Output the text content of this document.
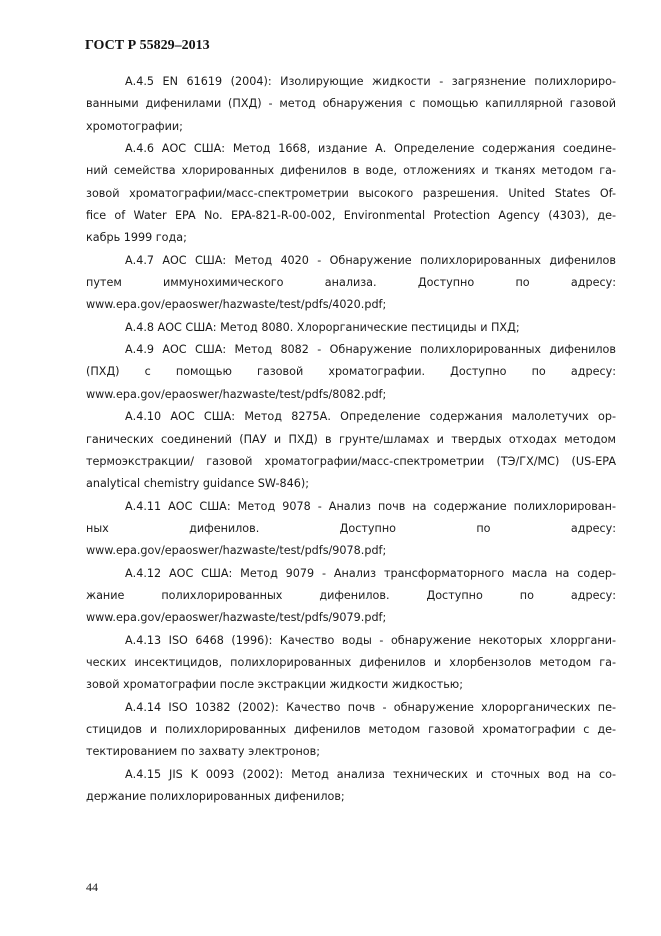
ГОСТ Р 55829–2013

А.4.5 EN 61619 (2004): Изолирующие жидкости - загрязнение полихлориро-
ванными дифенилами (ПХД) - метод обнаружения с помощью капиллярной газовой
хромотографии;

А.4.6 АОС США: Метод 1668, издание А. Определение содержания соедине-
ний семейства хлорированных дифенилов в воде, отложениях и тканях методом га-
зовой хроматографии/масс-спектрометрии высокого разрешения. United States Of-
fice of Water EPA No. EPA-821-R-00-002, Environmental Protection Agency (4303), де-
кабрь 1999 года;

А.4.7 АОС США: Метод 4020 - Обнаружение полихлорированных дифенилов
путем иммунохимического анализа. Доступно по адресу:
www.epa.gov/epaoswer/hazwaste/test/pdfs/4020.pdf;

А.4.8 АОС США: Метод 8080. Хлорорганические пестициды и ПХД;

А.4.9 АОС США: Метод 8082 - Обнаружение полихлорированных дифенилов
(ПХД) с помощью газовой хроматографии. Доступно по адресу:
www.epa.gov/epaoswer/hazwaste/test/pdfs/8082.pdf;

А.4.10 АОС США: Метод 8275А. Определение содержания малолетучих ор-
ганических соединений (ПАУ и ПХД) в грунте/шламах и твердых отходах методом
термоэкстракции/ газовой хроматографии/масс-спектрометрии (ТЭ/ГХ/МС) (US-EPA
analytical chemistry guidance SW-846);

А.4.11 АОС США: Метод 9078 - Анализ почв на содержание полихлорирован-
ных дифенилов. Доступно по адресу:
www.epa.gov/epaoswer/hazwaste/test/pdfs/9078.pdf;

А.4.12 АОС США: Метод 9079 - Анализ трансформаторного масла на содер-
жание полихлорированных дифенилов. Доступно по адресу:
www.epa.gov/epaoswer/hazwaste/test/pdfs/9079.pdf;

А.4.13 ISO 6468 (1996): Качество воды - обнаружение некоторых хлорргани-
ческих инсектицидов, полихлорированных дифенилов и хлорбензолов методом га-
зовой хроматографии после экстракции жидкости жидкостью;

А.4.14 ISO 10382 (2002): Качество почв - обнаружение хлорорганических пе-
стицидов и полихлорированных дифенилов методом газовой хроматографии с де-
тектированием по захвату электронов;

А.4.15 JIS K 0093 (2002): Метод анализа технических и сточных вод на со-
держание полихлорированных дифенилов;

44
